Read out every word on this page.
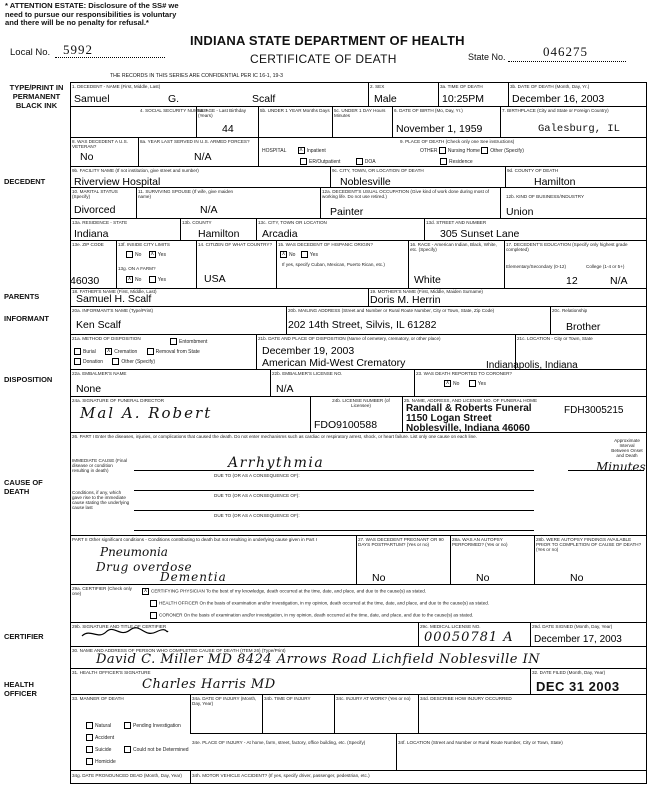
* ATTENTION ESTATE: Disclosure of the SS# we need to pursue our responsibilities is voluntary and there will be no penalty for refusal.*
INDIANA STATE DEPARTMENT OF HEALTH
CERTIFICATE OF DEATH
Local No. 5992	State No.	046275
THE RECORDS IN THIS SERIES ARE CONFIDENTIAL PER IC 16-1, 19-3
TYPE/PRINT IN PERMANENT BLACK INK
DECEDENT
PARENTS
INFORMANT
DISPOSITION
CAUSE OF DEATH
CERTIFIER
HEALTH OFFICER
1. DECEDENT - NAME (First, Middle, Last)
Samuel	G.	Scalf
2. SEX
Male
3a. TIME OF DEATH
10:25PM
3b. DATE OF DEATH (Month, Day, Yr.)
December 16, 2003
4. SOCIAL SECURITY NUMBER
5a. AGE - Last Birthday (Years)
44
5b. UNDER 1 YEAR Months Days 5c. UNDER 1 DAY Hours Minutes
6. DATE OF BIRTH (Mo, Day, Yr.)
November 1, 1959
7. BIRTHPLACE (City and State or Foreign Country)
Galesburg, IL
8. WAS DECEDENT A U.S. VETERAN?
No
8a. YEAR LAST SERVED IN U.S. ARMED FORCES?
N/A
9. PLACE OF DEATH (Check only one See instructions)
HOSPITAL	X Inpatient
ER/Outpatient	DOA
OTHER Nursing Home Other (Specify)
Residence
9b. FACILITY NAME (If not institution, give street and number)
Riverview Hospital
9c. CITY, TOWN, OR LOCATION OF DEATH
Noblesville
9d. COUNTY OF DEATH
Hamilton
10. MARITAL STATUS (Specify)
Divorced
11. SURVIVING SPOUSE (If wife, give maiden name)
N/A
12a. DECEDENT'S USUAL OCCUPATION (Give kind of work done during most of working life. Do not use retired.)
Painter
12b. KIND OF BUSINESS/INDUSTRY
Union
13a. RESIDENCE - STATE
Indiana
13b. COUNTY
Hamilton
13c. CITY, TOWN OR LOCATION
Arcadia
13d. STREET AND NUMBER
305 Sunset Lane
13e. ZIP CODE
46030
13f. INSIDE CITY LIMITS
No X Yes
13g. ON A FARM?
X No	Yes
14. CITIZEN OF WHAT COUNTRY?
USA
15. WAS DECEDENT OF HISPANIC ORIGIN?
X No	Yes
If yes, specify Cuban, Mexican, Puerto Rican, etc.)
16. RACE - American Indian, Black, White, etc. (Specify)
White
17. DECEDENT'S EDUCATION (Specify only highest grade completed)
Elementary/Secondary (0-12)	College (1-4 or 5+)
12	N/A
18. FATHER'S NAME (First, Middle, Last)
Samuel H. Scalf
19. MOTHER'S NAME (First, Middle, Maiden Surname)
Doris M. Herrin
20a. INFORMANT'S NAME (Type/Print)
Ken Scalf
20b. MAILING ADDRESS (Street and Number or Rural Route Number, City or Town, State, Zip Code)
202 14th Street, Silvis, IL 61282
20c. Relationship
Brother
21a. METHOD OF DISPOSITION
Burial X Cremation	Removal from State
Entombment
Donation	Other (Specify)
21b. DATE AND PLACE OF DISPOSITION (Name of cemetery, crematory, or other place)
December 19, 2003
American Mid-West Crematory
21c. LOCATION - City or Town, State
Indianapolis, Indiana
22a. EMBALMER'S NAME
None
22b. EMBALMER'S LICENSE NO.
N/A
23. WAS DEATH REPORTED TO CORONER?
X No	Yes
24a. SIGNATURE OF FUNERAL DIRECTOR
Mal A. Robert
24b. LICENSE NUMBER (of Licensee)
FDO9100588
25. NAME, ADDRESS, AND LICENSE NO. OF FUNERAL HOME
Randall & Roberts Funeral
1150 Logan Street
Noblesville, Indiana 46060
FDH3005215
26. PART I Enter the diseases, injuries, or complications that caused the death. Do not enter mechanisms such as cardiac or respiratory arrest, shock, or heart failure. List only one cause on each line.
Approximate Interval Between Onset and Death
IMMEDIATE CAUSE (Final disease or condition resulting in death)	Arrhythmia	Minutes
Conditions, if any, which gave rise to the immediate cause stating the underlying cause last
DUE TO (OR AS A CONSEQUENCE OF):
DUE TO (OR AS A CONSEQUENCE OF):
DUE TO (OR AS A CONSEQUENCE OF):
PART II Other significant conditions - Conditions contributing to death but not resulting in underlying cause given in Part I
Pneumonia
Drug overdose
Dementia
27. WAS DECEDENT PREGNANT OR 90 DAYS POSTPARTUM? (Yes or no)
No
28a. WAS AN AUTOPSY PERFORMED? (Yes or no)
No
28b. WERE AUTOPSY FINDINGS AVAILABLE PRIOR TO COMPLETION OF CAUSE OF DEATH? (Yes or no)
No
29a. CERTIFIER (Check only one)	X CERTIFYING PHYSICIAN To the best of my knowledge, death occurred at the time, date, and place, and due to the cause(s) as stated.
HEALTH OFFICER On the basis of examination and/or investigation, in my opinion, death occurred at the time, date, and place, and due to the cause(s) as stated.
CORONER On the basis of examination and/or investigation, in my opinion, death occurred at the time, date, and place, and due to the cause(s) as stated.
29b. SIGNATURE AND TITLE OF CERTIFIER	29c. MEDICAL LICENSE NO.
00050781 A
29d. DATE SIGNED (Month, Day, Year)
December 17, 2003
30. NAME AND ADDRESS OF PERSON WHO COMPLETED CAUSE OF DEATH (ITEM 26) (Type/Print)
David C. Miller MD 8424 Arrows Road Lichfield Noblesville IN
31. HEALTH OFFICER'S SIGNATURE
Charles Harris MD
32. DATE FILED (Month, Day, Year)
DEC 31 2003
33. MANNER OF DEATH
Natural
Accident
Suicide
Homicide
Pending Investigation
Could not be Determined
34a. DATE OF INJURY (Month, Day, Year)
34b. TIME OF INJURY	34c. INJURY AT WORK? (Yes or no)	34d. DESCRIBE HOW INJURY OCCURRED
34e. PLACE OF INJURY - At home, farm, street, factory, office building, etc. (Specify)	34f. LOCATION (Street and Number or Rural Route Number, City or Town, State)
34g. DATE PRONOUNCED DEAD (Month, Day, Year) 34h. MOTOR VEHICLE ACCIDENT? (If yes, specify driver, passenger, pedestrian, etc.)
